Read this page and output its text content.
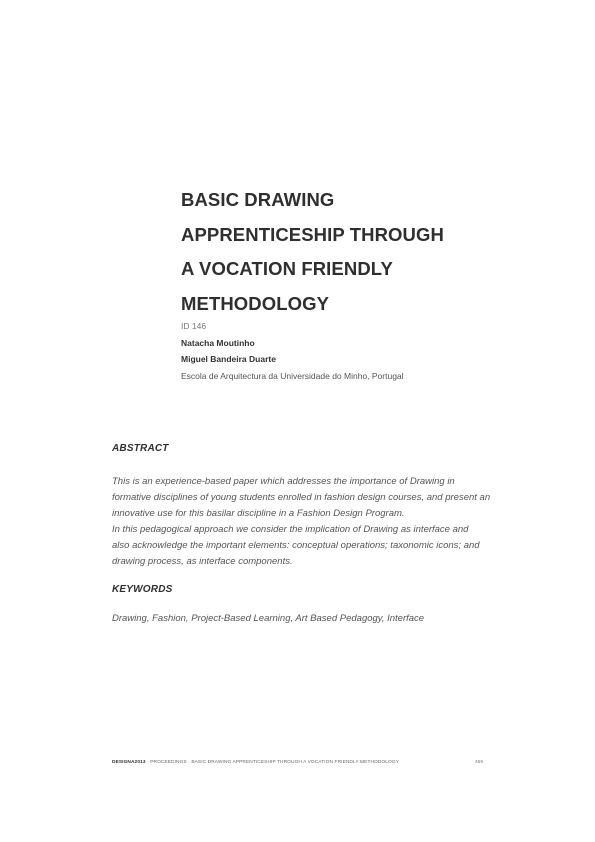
BASIC DRAWING
APPRENTICESHIP THROUGH
A VOCATION FRIENDLY
METHODOLOGY
ID 146
Natacha Moutinho
Miguel Bandeira Duarte
Escola de Arquitectura da Universidade do Minho, Portugal
ABSTRACT

This is an experience-based paper which addresses the importance of Drawing in
formative disciplines of young students enrolled in fashion design courses, and present an
innovative use for this basilar discipline in a Fashion Design Program.
In this pedagogical approach we consider the implication of Drawing as interface and
also acknowledge the important elements: conceptual operations; taxonomic icons; and
drawing process, as interface components.

KEYWORDS

Drawing, Fashion, Project-Based Learning, Art Based Pedagogy, Interface

DESIGNA2013 · PROCEEDINGS · BASIC DRAWING APPRENTICESHIP THROUGH A VOCATION FRIENDLY METHODOLOGY	469
